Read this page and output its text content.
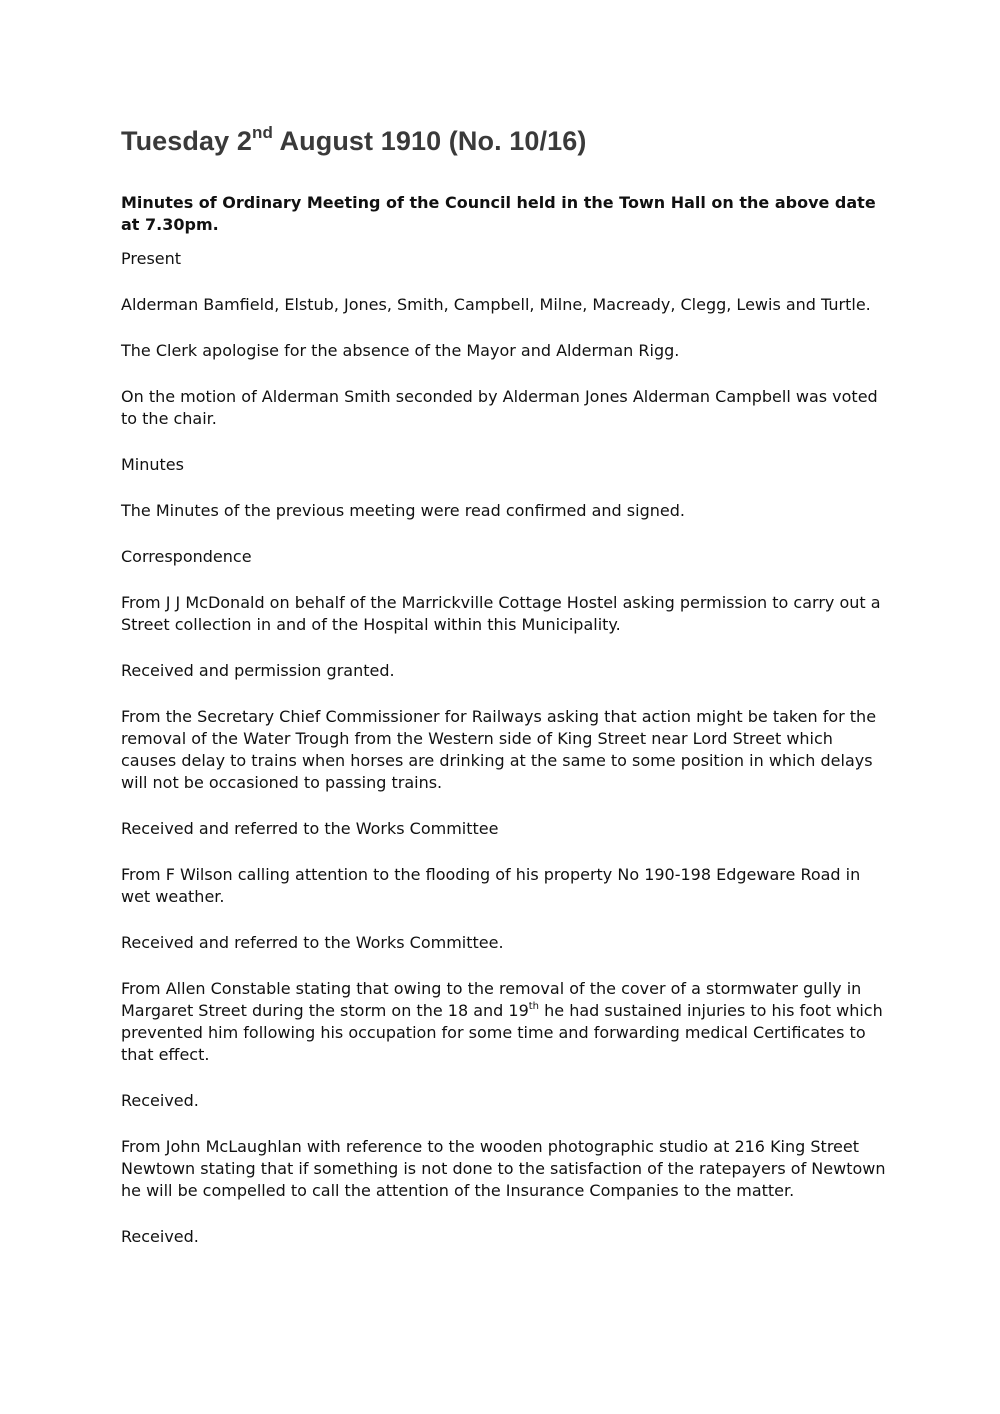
Tuesday 2nd August 1910 (No. 10/16)

Minutes of Ordinary Meeting of the Council held in the Town Hall on the above date at 7.30pm.

Present

Alderman Bamfield, Elstub, Jones, Smith, Campbell, Milne, Macready, Clegg, Lewis and Turtle.

The Clerk apologise for the absence of the Mayor and Alderman Rigg.

On the motion of Alderman Smith seconded by Alderman Jones Alderman Campbell was voted to the chair.

Minutes

The Minutes of the previous meeting were read confirmed and signed.

Correspondence

From J J McDonald on behalf of the Marrickville Cottage Hostel asking permission to carry out a Street collection in and of the Hospital within this Municipality.

Received and permission granted.

From the Secretary Chief Commissioner for Railways asking that action might be taken for the removal of the Water Trough from the Western side of King Street near Lord Street which causes delay to trains when horses are drinking at the same to some position in which delays will not be occasioned to passing trains.

Received and referred to the Works Committee

From F Wilson calling attention to the flooding of his property No 190-198 Edgeware Road in wet weather.

Received and referred to the Works Committee.

From Allen Constable stating that owing to the removal of the cover of a stormwater gully in Margaret Street during the storm on the 18 and 19th he had sustained injuries to his foot which prevented him following his occupation for some time and forwarding medical Certificates to that effect.

Received.

From John McLaughlan with reference to the wooden photographic studio at 216 King Street Newtown stating that if something is not done to the satisfaction of the ratepayers of Newtown he will be compelled to call the attention of the Insurance Companies to the matter.

Received.
